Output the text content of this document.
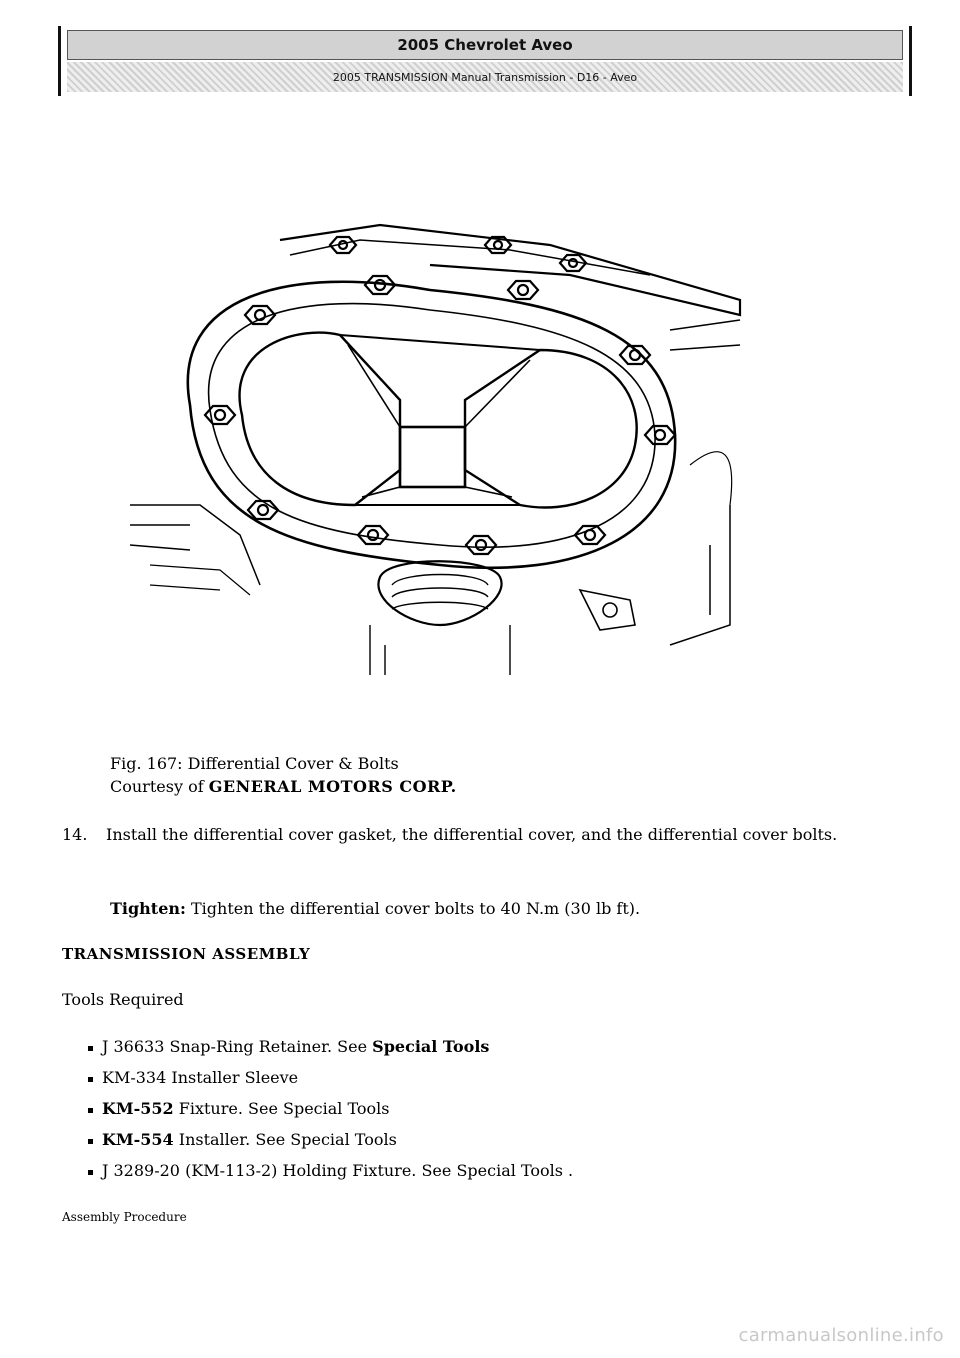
2005 Chevrolet Aveo
2005 TRANSMISSION Manual Transmission - D16 - Aveo
Fig. 167: Differential Cover & Bolts
Courtesy of GENERAL MOTORS CORP.
14. Install the differential cover gasket, the differential cover, and the differential cover bolts.
Tighten: Tighten the differential cover bolts to 40 N.m (30 lb ft).
TRANSMISSION ASSEMBLY
Tools Required
J 36633 Snap-Ring Retainer. See Special Tools
KM-334 Installer Sleeve
KM-552 Fixture. See Special Tools
KM-554 Installer. See Special Tools
J 3289-20 (KM-113-2) Holding Fixture. See Special Tools .
Assembly Procedure
carmanualsonline.info
